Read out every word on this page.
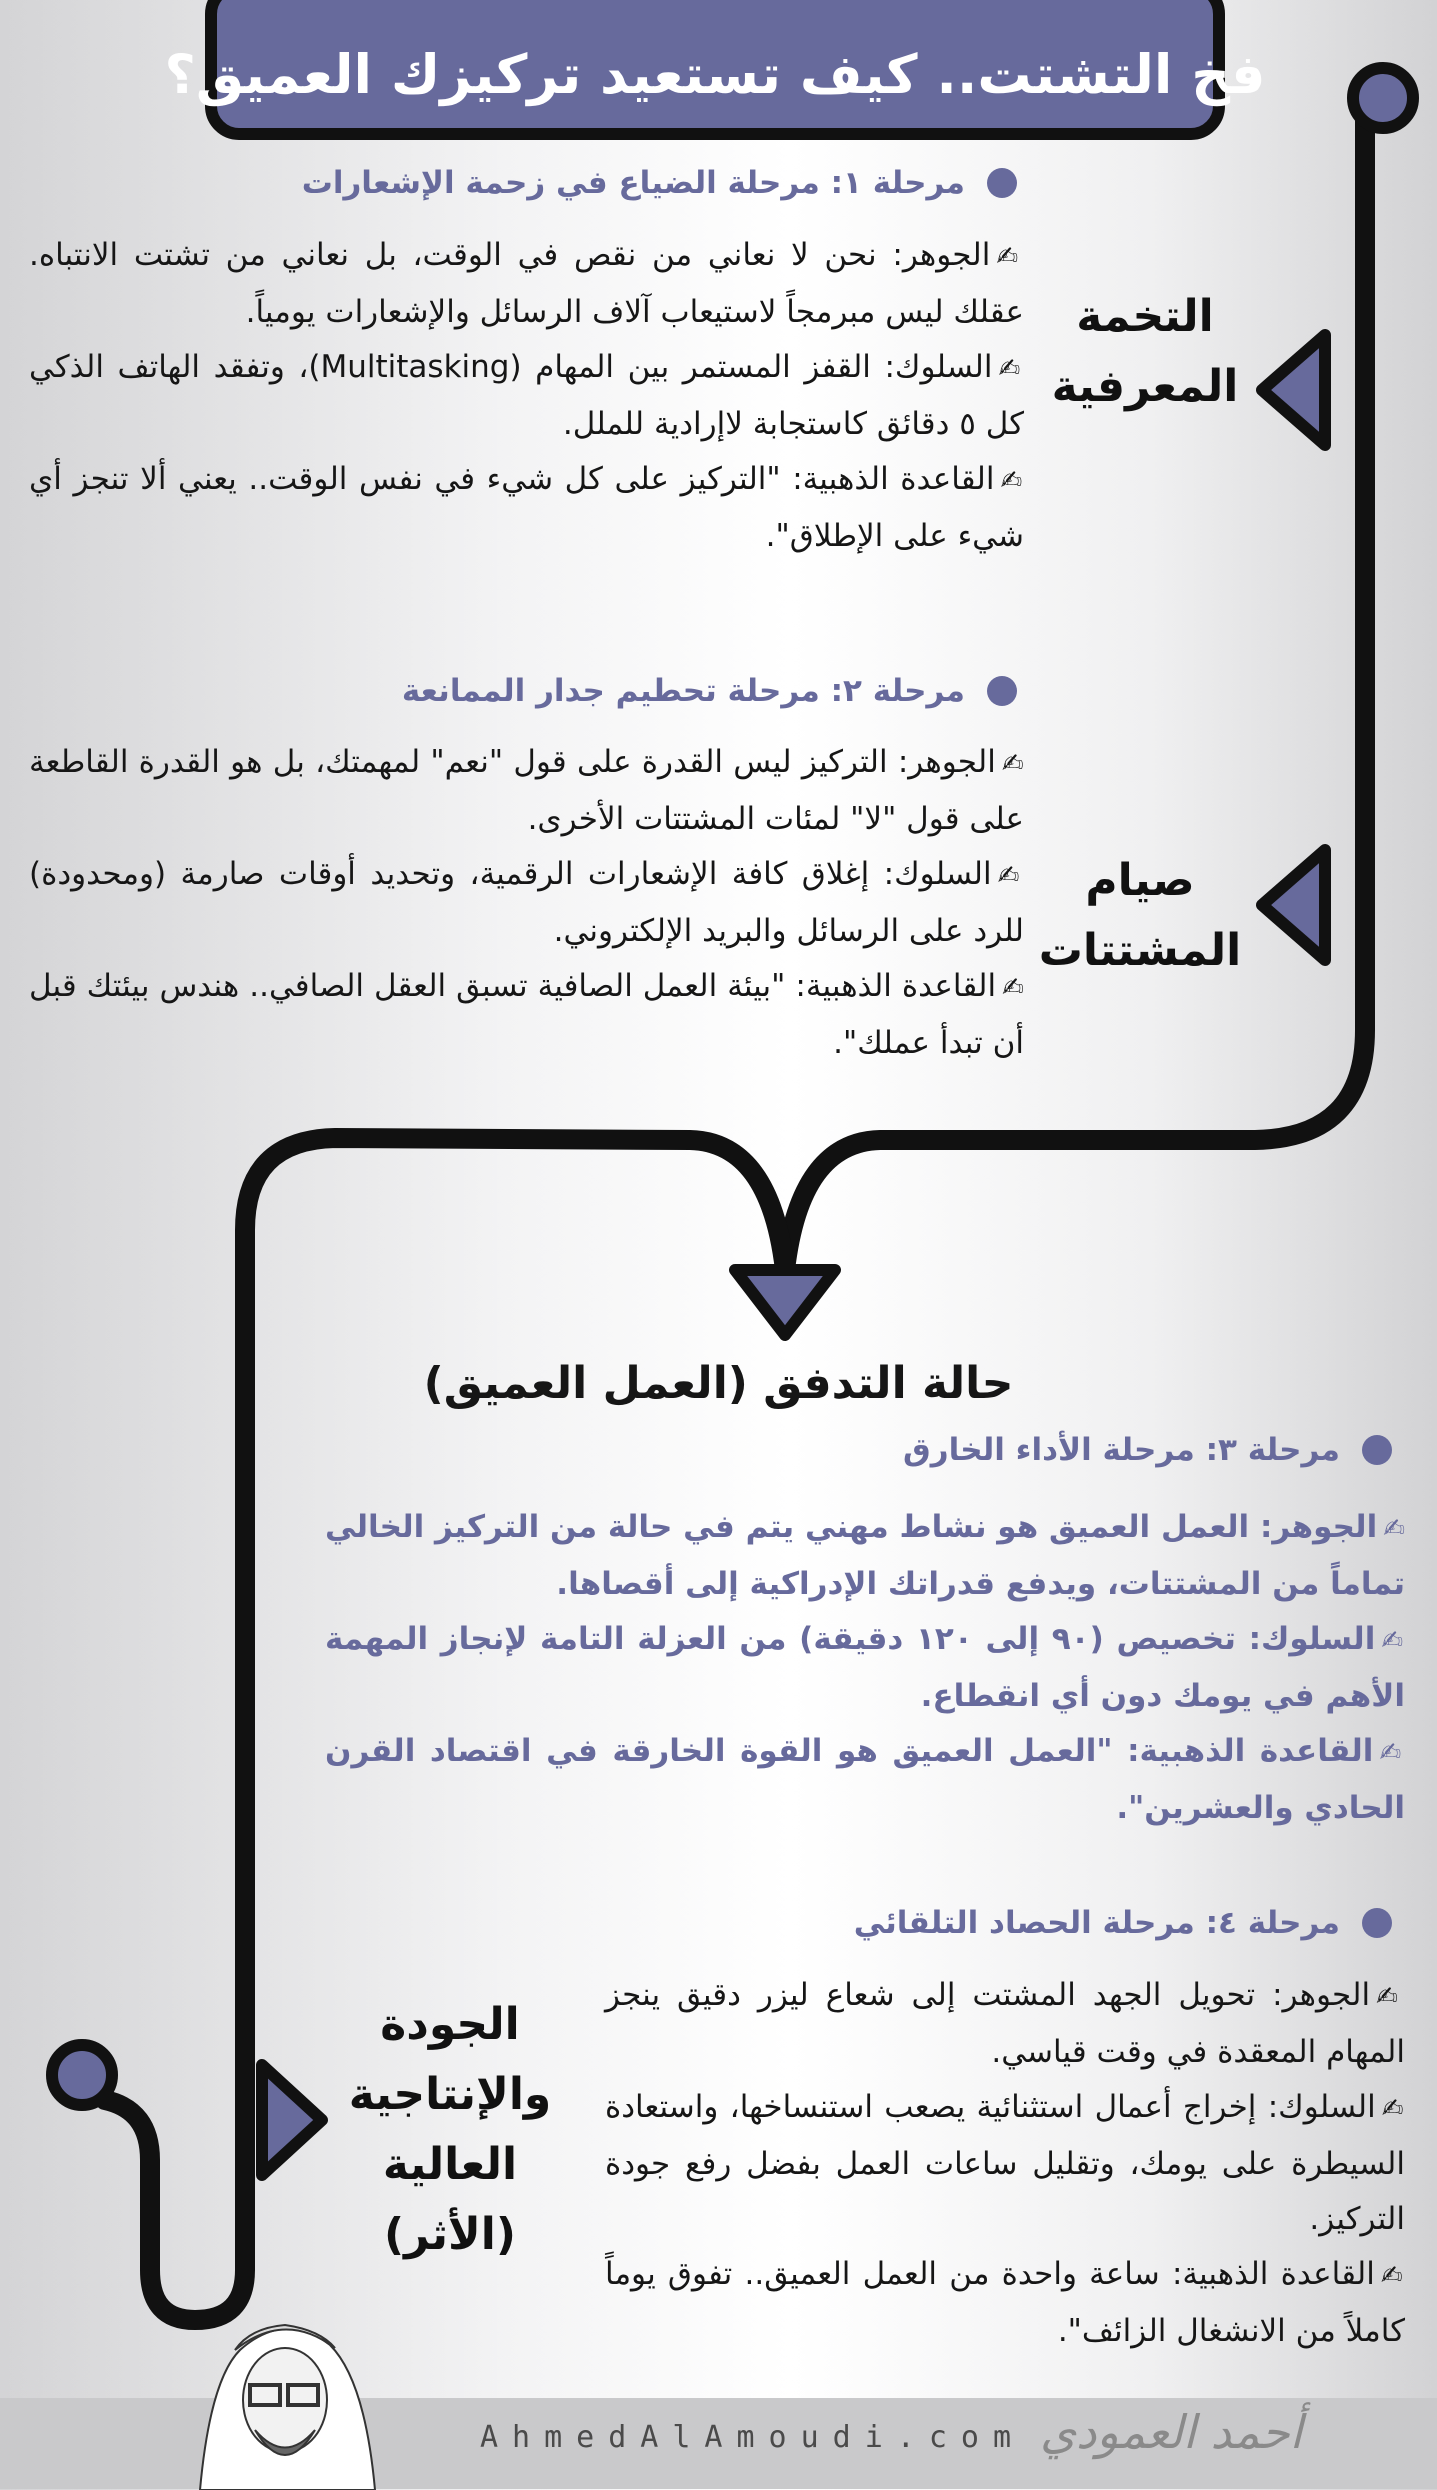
فخ التشتت.. كيف تستعيد تركيزك العميق؟
التخمة
المعرفية
صيام
المشتتات
حالة التدفق (العمل العميق)
الجودة
والإنتاجية
العالية
(الأثر)
مرحلة ١: مرحلة الضياع في زحمة الإشعارات

✍الجوهر: نحن لا نعاني من نقص في الوقت، بل نعاني من تشتت الانتباه. عقلك ليس مبرمجاً لاستيعاب آلاف الرسائل والإشعارات يومياً.

✍السلوك: القفز المستمر بين المهام (Multitasking)، وتفقد الهاتف الذكي كل ٥ دقائق كاستجابة لاإرادية للملل.

✍القاعدة الذهبية: "التركيز على كل شيء في نفس الوقت.. يعني ألا تنجز أي شيء على الإطلاق".

مرحلة ٢: مرحلة تحطيم جدار الممانعة

✍الجوهر: التركيز ليس القدرة على قول "نعم" لمهمتك، بل هو القدرة القاطعة على قول "لا" لمئات المشتتات الأخرى.

✍السلوك: إغلاق كافة الإشعارات الرقمية، وتحديد أوقات صارمة (ومحدودة) للرد على الرسائل والبريد الإلكتروني.

✍القاعدة الذهبية: "بيئة العمل الصافية تسبق العقل الصافي.. هندس بيئتك قبل أن تبدأ عملك".

مرحلة ٣: مرحلة الأداء الخارق

✍الجوهر: العمل العميق هو نشاط مهني يتم في حالة من التركيز الخالي تماماً من المشتتات، ويدفع قدراتك الإدراكية إلى أقصاها.

✍السلوك: تخصيص (٩٠ إلى ١٢٠ دقيقة) من العزلة التامة لإنجاز المهمة الأهم في يومك دون أي انقطاع.

✍القاعدة الذهبية: "العمل العميق هو القوة الخارقة في اقتصاد القرن الحادي والعشرين".

مرحلة ٤: مرحلة الحصاد التلقائي

✍الجوهر: تحويل الجهد المشتت إلى شعاع ليزر دقيق ينجز المهام المعقدة في وقت قياسي.

✍السلوك: إخراج أعمال استثنائية يصعب استنساخها، واستعادة السيطرة على يومك، وتقليل ساعات العمل بفضل رفع جودة التركيز.

✍القاعدة الذهبية: ساعة واحدة من العمل العميق.. تفوق يوماً كاملاً من الانشغال الزائف".

AhmedAlAmoudi.com أحمد العمودي
